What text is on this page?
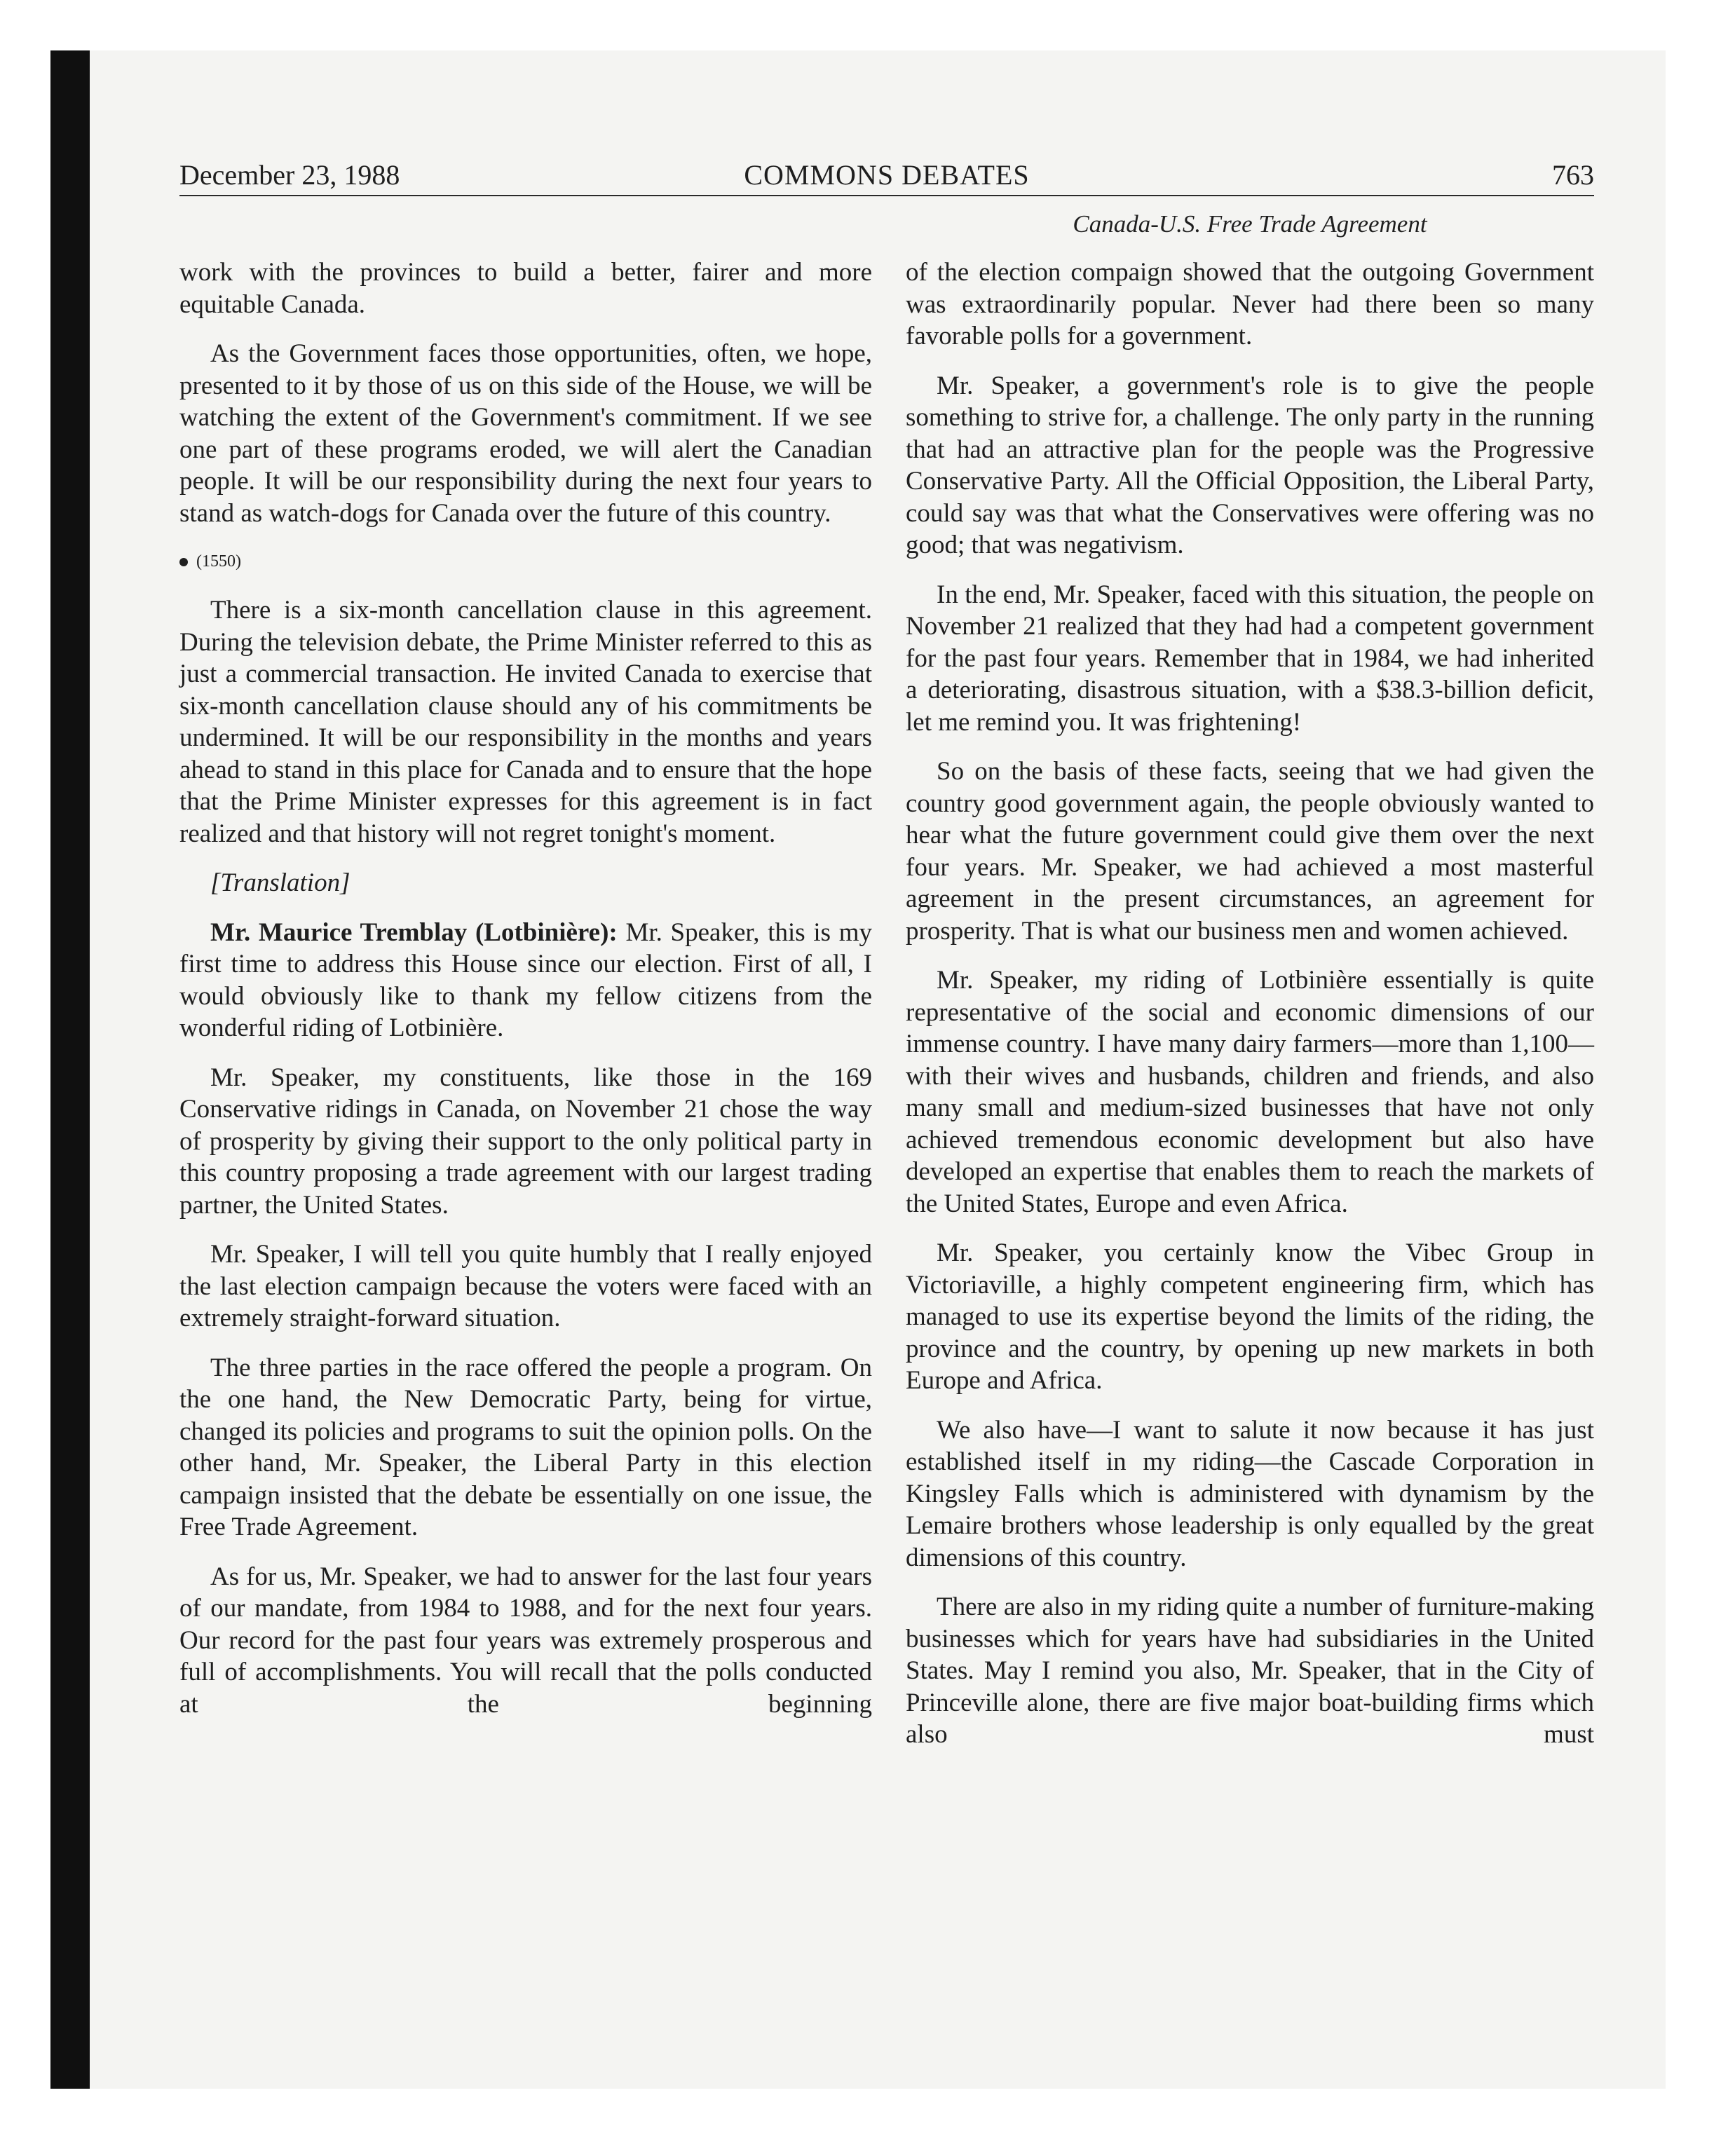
December 23, 1988	COMMONS DEBATES	763
Canada-U.S. Free Trade Agreement

work with the provinces to build a better, fairer and more equitable Canada.

As the Government faces those opportunities, often, we hope, presented to it by those of us on this side of the House, we will be watching the extent of the Government's commitment. If we see one part of these programs eroded, we will alert the Canadian people. It will be our responsibility during the next four years to stand as watch-dogs for Canada over the future of this country.

(1550)

There is a six-month cancellation clause in this agreement. During the television debate, the Prime Minister referred to this as just a commercial transaction. He invited Canada to exercise that six-month cancellation clause should any of his commitments be undermined. It will be our responsibility in the months and years ahead to stand in this place for Canada and to ensure that the hope that the Prime Minister expresses for this agreement is in fact realized and that history will not regret tonight's moment.

[Translation]

Mr. Maurice Tremblay (Lotbinière): Mr. Speaker, this is my first time to address this House since our election. First of all, I would obviously like to thank my fellow citizens from the wonderful riding of Lotbinière.

Mr. Speaker, my constituents, like those in the 169 Conservative ridings in Canada, on November 21 chose the way of prosperity by giving their support to the only political party in this country proposing a trade agreement with our largest trading partner, the United States.

Mr. Speaker, I will tell you quite humbly that I really enjoyed the last election campaign because the voters were faced with an extremely straight-forward situation.

The three parties in the race offered the people a program. On the one hand, the New Democratic Party, being for virtue, changed its policies and programs to suit the opinion polls. On the other hand, Mr. Speaker, the Liberal Party in this election campaign insisted that the debate be essentially on one issue, the Free Trade Agreement.

As for us, Mr. Speaker, we had to answer for the last four years of our mandate, from 1984 to 1988, and for the next four years. Our record for the past four years was extremely prosperous and full of accomplishments. You will recall that the polls conducted at the beginning

of the election compaign showed that the outgoing Government was extraordinarily popular. Never had there been so many favorable polls for a government.

Mr. Speaker, a government's role is to give the people something to strive for, a challenge. The only party in the running that had an attractive plan for the people was the Progressive Conservative Party. All the Official Opposition, the Liberal Party, could say was that what the Conservatives were offering was no good; that was negativism.

In the end, Mr. Speaker, faced with this situation, the people on November 21 realized that they had had a competent government for the past four years. Remember that in 1984, we had inherited a deteriorating, disastrous situation, with a $38.3-billion deficit, let me remind you. It was frightening!

So on the basis of these facts, seeing that we had given the country good government again, the people obviously wanted to hear what the future government could give them over the next four years. Mr. Speaker, we had achieved a most masterful agreement in the present circumstances, an agreement for prosperity. That is what our business men and women achieved.

Mr. Speaker, my riding of Lotbinière essentially is quite representative of the social and economic dimensions of our immense country. I have many dairy farmers—more than 1,100—with their wives and husbands, children and friends, and also many small and medium-sized businesses that have not only achieved tremendous economic development but also have developed an expertise that enables them to reach the markets of the United States, Europe and even Africa.

Mr. Speaker, you certainly know the Vibec Group in Victoriaville, a highly competent engineering firm, which has managed to use its expertise beyond the limits of the riding, the province and the country, by opening up new markets in both Europe and Africa.

We also have—I want to salute it now because it has just established itself in my riding—the Cascade Corporation in Kingsley Falls which is administered with dynamism by the Lemaire brothers whose leadership is only equalled by the great dimensions of this country.

There are also in my riding quite a number of furniture-making businesses which for years have had subsidiaries in the United States. May I remind you also, Mr. Speaker, that in the City of Princeville alone, there are five major boat-building firms which also must
